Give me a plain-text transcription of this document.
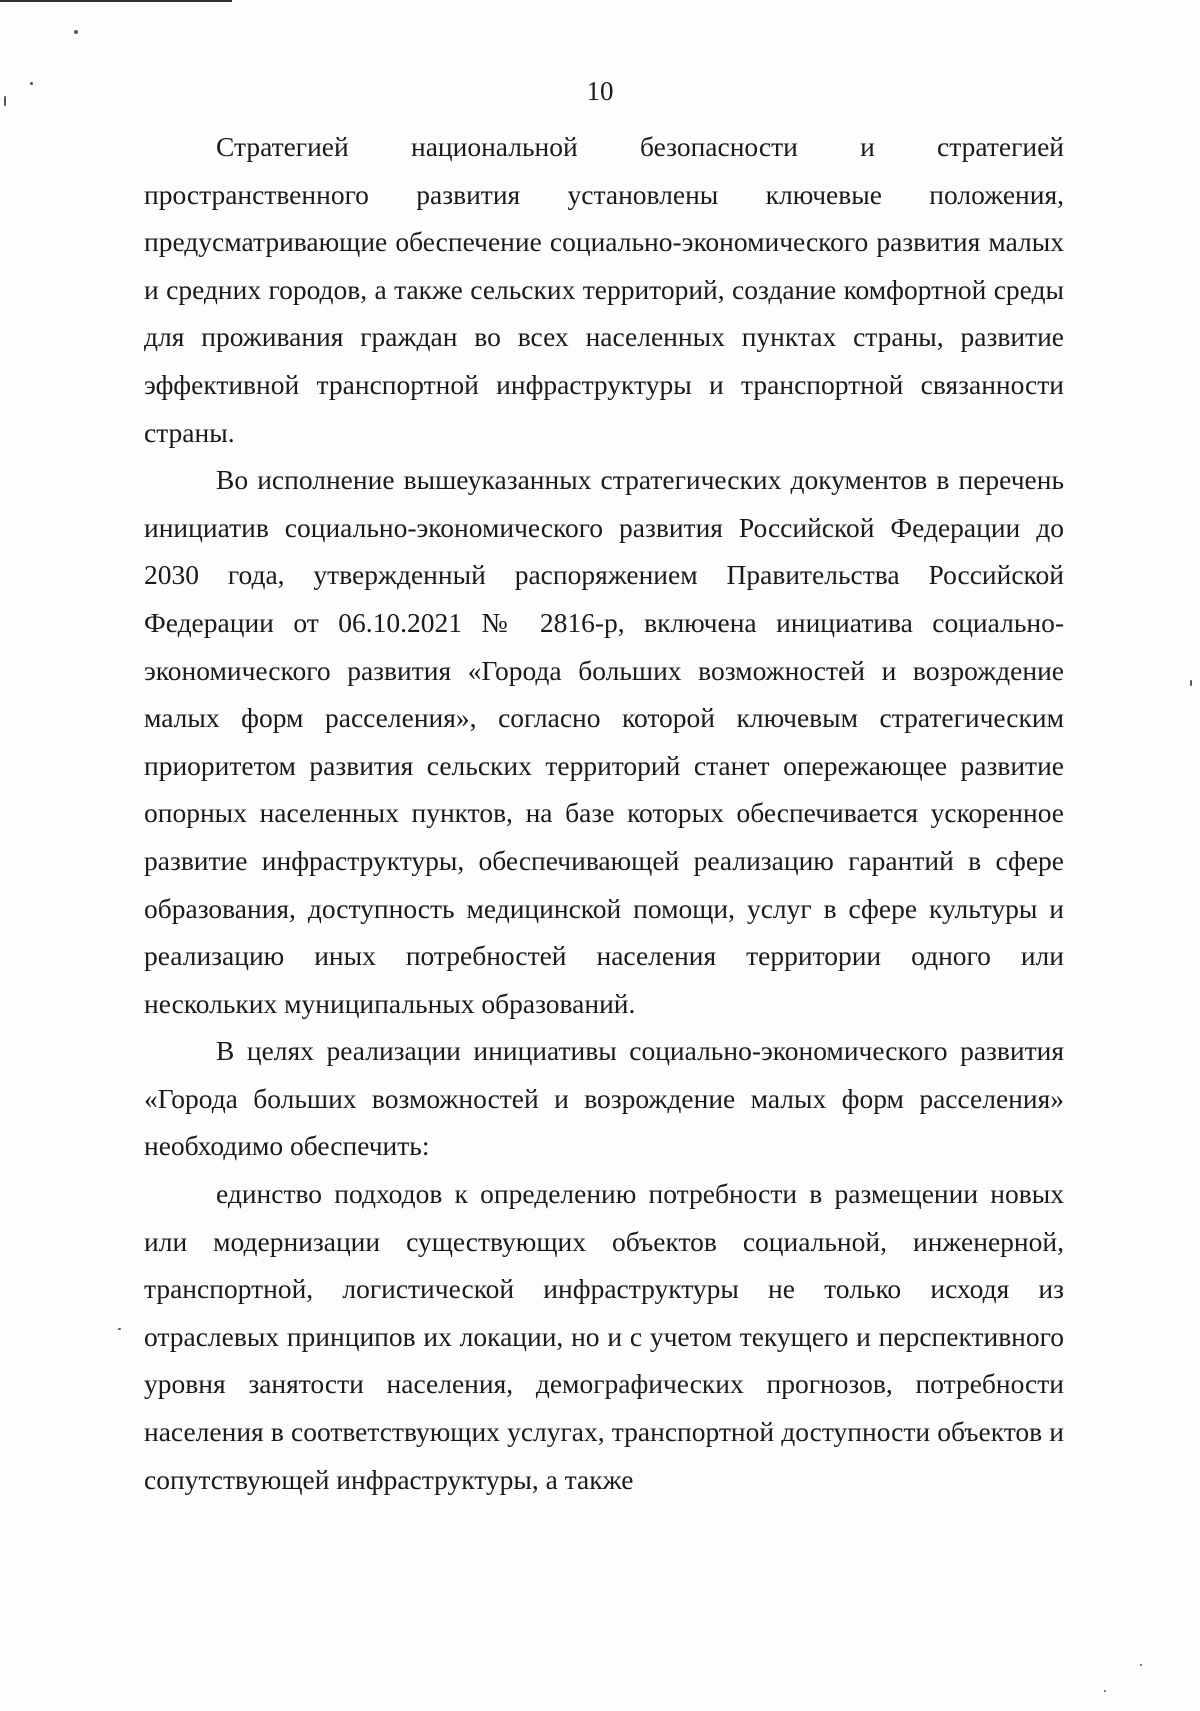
10

Стратегией национальной безопасности и стратегией пространственного развития установлены ключевые положения, предусматривающие обеспечение социально-экономического развития малых и средних городов, а также сельских территорий, создание комфортной среды для проживания граждан во всех населенных пунктах страны, развитие эффективной транспортной инфраструктуры и транспортной связанности страны.

Во исполнение вышеуказанных стратегических документов в перечень инициатив социально-экономического развития Российской Федерации до 2030 года, утвержденный распоряжением Правительства Российской Федерации от 06.10.2021 № 2816-р, включена инициатива социально-экономического развития «Города больших возможностей и возрождение малых форм расселения», согласно которой ключевым стратегическим приоритетом развития сельских территорий станет опережающее развитие опорных населенных пунктов, на базе которых обеспечивается ускоренное развитие инфраструктуры, обеспечивающей реализацию гарантий в сфере образования, доступность медицинской помощи, услуг в сфере культуры и реализацию иных потребностей населения территории одного или нескольких муниципальных образований.

В целях реализации инициативы социально-экономического развития «Города больших возможностей и возрождение малых форм расселения» необходимо обеспечить:

единство подходов к определению потребности в размещении новых или модернизации существующих объектов социальной, инженерной, транспортной, логистической инфраструктуры не только исходя из отраслевых принципов их локации, но и с учетом текущего и перспективного уровня занятости населения, демографических прогнозов, потребности населения в соответствующих услугах, транспортной доступности объектов и сопутствующей инфраструктуры, а также
